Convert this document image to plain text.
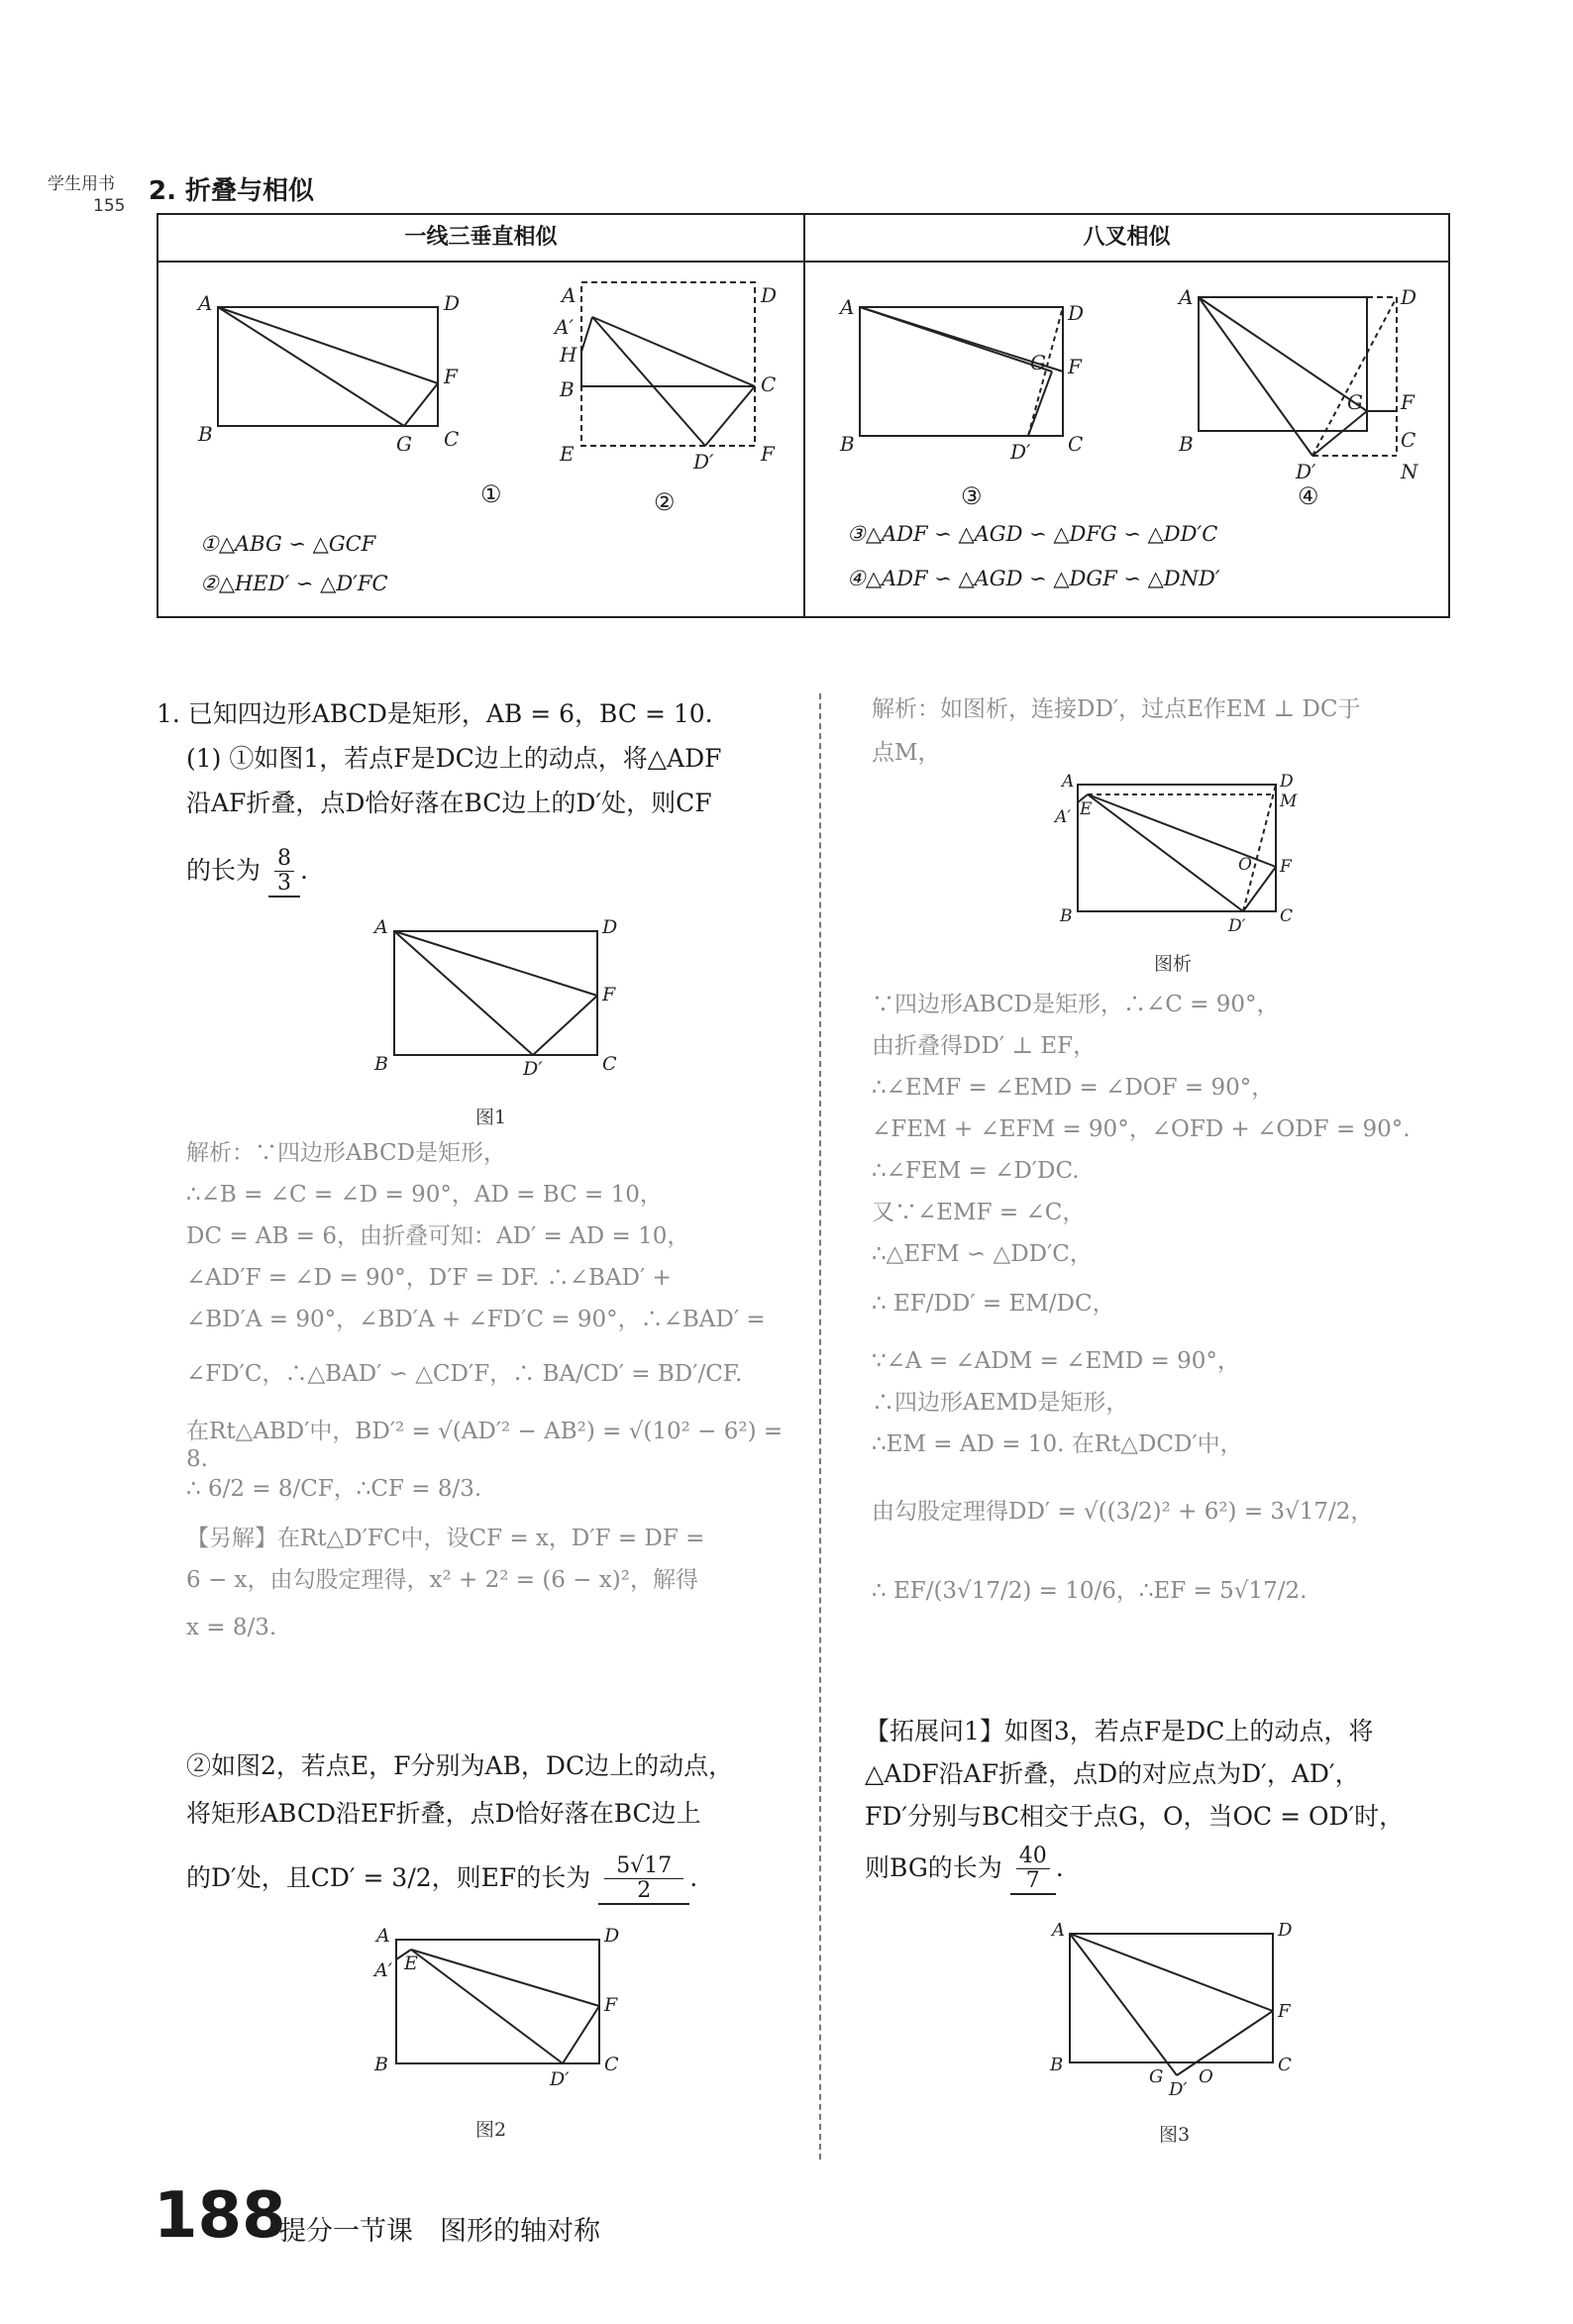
学生用书
155 2. 折叠与相似
一线三垂直相似	八叉相似
A	D
F
B	G C
A	D
A′
H
B	C
E	D′ F
A	D
G F
B	D′ C
A	D
G F
B	C
D′	N
①	②	③	④
①△ABG ∽ △GCF
②△HED′ ∽ △D′FC
③△ADF ∽ △AGD ∽ △DFG ∽ △DD′C
④△ADF ∽ △AGD ∽ △DGF ∽ △DND′
1. 已知四边形ABCD是矩形，AB = 6，BC = 10.
(1) ①如图1，若点F是DC边上的动点，将△ADF
沿AF折叠，点D恰好落在BC边上的D′处，则CF
的长为 $\frac{8}{3}$ .
A	D
F
B	D′	C
图1
解析：∵四边形ABCD是矩形，
∴∠B = ∠C = ∠D = 90°，AD = BC = 10，
DC = AB = 6，由折叠可知：AD′ = AD = 10，
∠AD′F = ∠D = 90°，D′F = DF. ∴∠BAD′ +
∠BD′A = 90°，∠BD′A + ∠FD′C = 90°，∴∠BAD′ =
∠FD′C，∴△BAD′ ∽ △CD′F，∴ BA/CD′ = BD′/CF.
在Rt△ABD′中，BD′² = √(AD′² − AB²) = √(10² − 6²) = 8.
∴ 6/2 = 8/CF，∴CF = 8/3.
【另解】在Rt△D′FC中，设CF = x，D′F = DF =
6 − x，由勾股定理得，x² + 2² = (6 − x)²，解得
x = 8/3.
②如图2，若点E，F分别为AB，DC边上的动点，
将矩形ABCD沿EF折叠，点D恰好落在BC边上
的D′处，且CD′ = 3/2，则EF的长为 $\frac{5√17}{2}$ .
A	D
E
A′
F
B
D′
C
图2
解析：如图析，连接DD′，过点E作EM ⊥ DC于
点M，
A	D
M
E
A′
O F
B	D′ C
图析
∵四边形ABCD是矩形，∴∠C = 90°，
由折叠得DD′ ⊥ EF，
∴∠EMF = ∠EMD = ∠DOF = 90°，
∠FEM + ∠EFM = 90°，∠OFD + ∠ODF = 90°.
∴∠FEM = ∠D′DC.
又∵∠EMF = ∠C，
∴△EFM ∽ △DD′C，
∴ EF/DD′ = EM/DC，
∵∠A = ∠ADM = ∠EMD = 90°，
∴四边形AEMD是矩形，
∴EM = AD = 10. 在Rt△DCD′中，
由勾股定理得DD′ = √((3/2)² + 6²) = 3√17/2，
∴ EF/(3√17/2) = 10/6，∴EF = 5√17/2.
【拓展问1】如图3，若点F是DC上的动点，将
△ADF沿AF折叠，点D的对应点为D′，AD′，
FD′分别与BC相交于点G，O，当OC = OD′时，
则BG的长为 $\frac{40}{7}$ .
A	D
F
B
G O
C
D′
图3
188
提分一节课　图形的轴对称
